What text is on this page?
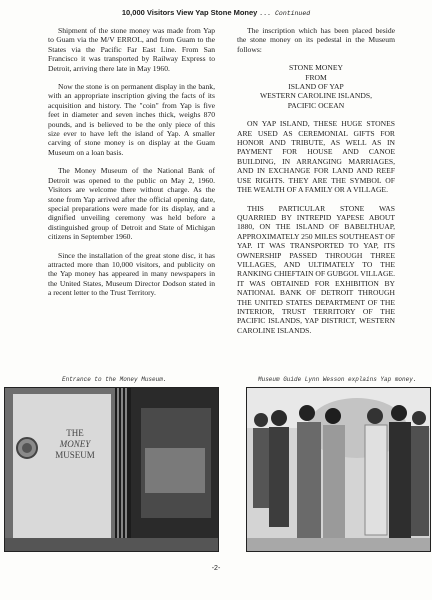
10,000 Visitors View Yap Stone Money ... Continued

Shipment of the stone money was made from Yap to Guam via the M/V ERROL, and from Guam to the States via the Pacific Far East Line. From San Francisco it was transported by Railway Express to Detroit, arriving there late in May 1960.

Now the stone is on permanent display in the bank, with an appropriate inscription giving the facts of its acquisition and history. The "coin" from Yap is five feet in diameter and seven inches thick, weighs 870 pounds, and is believed to be the only piece of this size ever to have left the island of Yap. A smaller carving of stone money is on display at the Guam Museum on a loan basis.

The Money Museum of the National Bank of Detroit was opened to the public on May 2, 1960. Visitors are welcome there without charge. As the stone from Yap arrived after the official opening date, special preparations were made for its display, and a dignified unveiling ceremony was held before a distinguished group of Detroit and State of Michigan citizens in September 1960.

Since the installation of the great stone disc, it has attracted more than 10,000 visitors, and publicity on the Yap money has appeared in many newspapers in the United States, Museum Director Dodson stated in a recent letter to the Trust Territory.

The inscription which has been placed beside the stone money on its pedestal in the Museum follows:

STONE MONEY
FROM
ISLAND OF YAP
WESTERN CAROLINE ISLANDS,
PACIFIC OCEAN

ON YAP ISLAND, THESE HUGE STONES ARE USED AS CEREMONIAL GIFTS FOR HONOR AND TRIBUTE, AS WELL AS IN PAYMENT FOR HOUSE AND CANOE BUILDING, IN ARRANGING MARRIAGES, AND IN EXCHANGE FOR LAND AND REEF USE RIGHTS. THEY ARE THE SYMBOL OF THE WEALTH OF A FAMILY OR A VILLAGE.

THIS PARTICULAR STONE WAS QUARRIED BY INTREPID YAPESE ABOUT 1880, ON THE ISLAND OF BABELTHUAP, APPROXIMATELY 250 MILES SOUTHEAST OF YAP. IT WAS TRANSPORTED TO YAP, ITS OWNERSHIP PASSED THROUGH THREE VILLAGES, AND ULTIMATELY TO THE RANKING CHIEFTAIN OF GUBGOL VILLAGE. IT WAS OBTAINED FOR EXHIBITION BY NATIONAL BANK OF DETROIT THROUGH THE UNITED STATES DEPARTMENT OF THE INTERIOR, TRUST TERRITORY OF THE PACIFIC ISLANDS, YAP DISTRICT, WESTERN CAROLINE ISLANDS.

Entrance to the Money Museum.	Museum Guide Lynn Wesson explains Yap money.
THE
MONEY
MUSEUM
-2-
